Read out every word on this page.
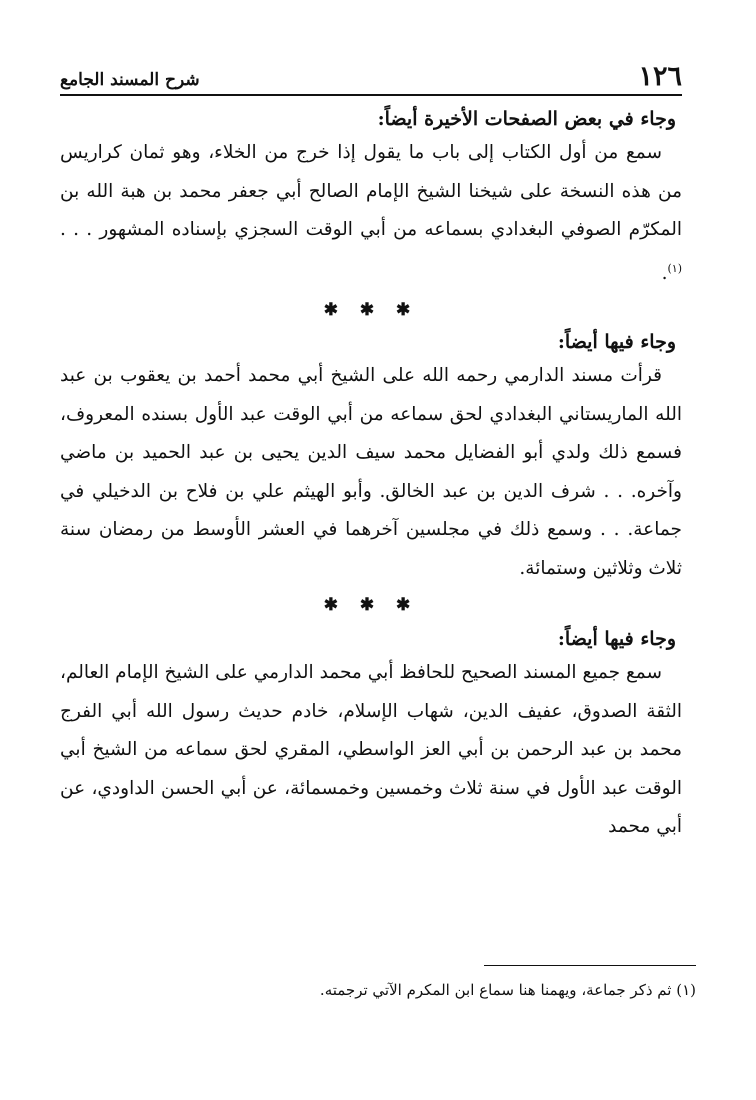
١٢٦
شرح المسند الجامع

وجاء في بعض الصفحات الأخيرة أيضاً:

سمع من أول الكتاب إلى باب ما يقول إذا خرج من الخلاء، وهو ثمان كراريس من هذه النسخة على شيخنا الشيخ الإمام الصالح أبي جعفر محمد بن هبة الله بن المكرّم الصوفي البغدادي بسماعه من أبي الوقت السجزي بإسناده المشهور . . .$^{(١)}$.

✱ ✱ ✱

وجاء فيها أيضاً:

قرأت مسند الدارمي رحمه الله على الشيخ أبي محمد أحمد بن يعقوب بن عبد الله الماريستاني البغدادي لحق سماعه من أبي الوقت عبد الأول بسنده المعروف، فسمع ذلك ولدي أبو الفضايل محمد سيف الدين يحيى بن عبد الحميد بن ماضي وآخره. . . شرف الدين بن عبد الخالق. وأبو الهيثم علي بن فلاح بن الدخيلي في جماعة. . . وسمع ذلك في مجلسين آخرهما في العشر الأوسط من رمضان سنة ثلاث وثلاثين وستمائة.

✱ ✱ ✱

وجاء فيها أيضاً:

سمع جميع المسند الصحيح للحافظ أبي محمد الدارمي على الشيخ الإمام العالم، الثقة الصدوق، عفيف الدين، شهاب الإسلام، خادم حديث رسول الله أبي الفرج محمد بن عبد الرحمن بن أبي العز الواسطي، المقري لحق سماعه من الشيخ أبي الوقت عبد الأول في سنة ثلاث وخمسين وخمسمائة، عن أبي الحسن الداودي، عن أبي محمد

(١) ثم ذكر جماعة، ويهمنا هنا سماع ابن المكرم الآتي ترجمته.
